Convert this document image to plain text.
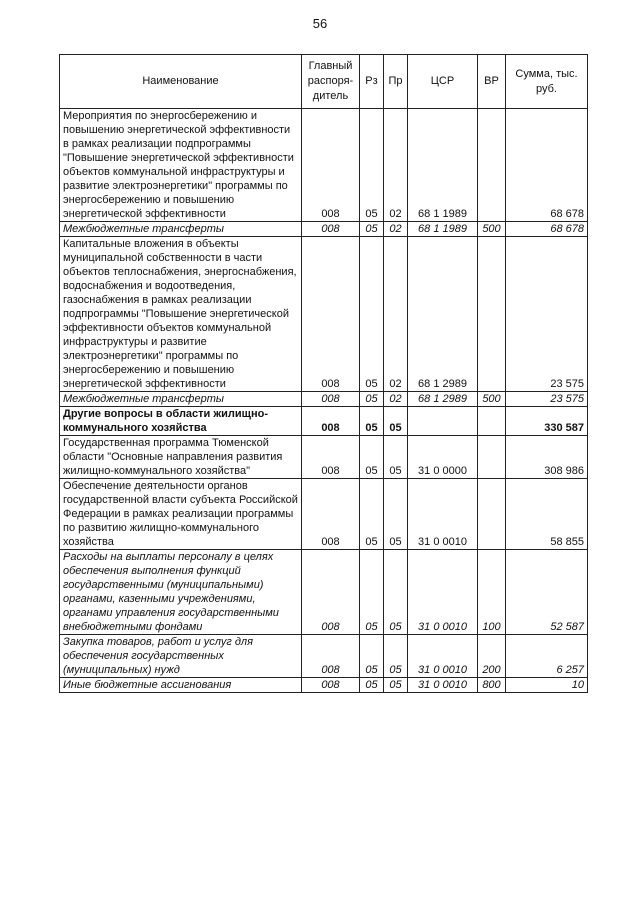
56
Наименование	Главный распоря-дитель	Рз	Пр	ЦСР	ВР	Сумма, тыс. руб.
Мероприятия по энергосбережению и повышению энергетической эффективности в рамках реализации подпрограммы "Повышение энергетической эффективности объектов коммунальной инфраструктуры и развитие электроэнергетики" программы по энергосбережению и повышению энергетической эффективности	008	05	02	68 1 1989		68 678
Межбюджетные трансферты	008	05	02	68 1 1989	500	68 678
Капитальные вложения в объекты муниципальной собственности в части объектов теплоснабжения, энергоснабжения, водоснабжения и водоотведения, газоснабжения в рамках реализации подпрограммы "Повышение энергетической эффективности объектов коммунальной инфраструктуры и развитие электроэнергетики" программы по энергосбережению и повышению энергетической эффективности	008	05	02	68 1 2989		23 575
Межбюджетные трансферты	008	05	02	68 1 2989	500	23 575
Другие вопросы в области жилищно-коммунального хозяйства	008	05	05			330 587
Государственная программа Тюменской области "Основные направления развития жилищно-коммунального хозяйства"	008	05	05	31 0 0000		308 986
Обеспечение деятельности органов государственной власти субъекта Российской Федерации в рамках реализации программы по развитию жилищно-коммунального хозяйства	008	05	05	31 0 0010		58 855
Расходы на выплаты персоналу в целях обеспечения выполнения функций государственными (муниципальными) органами, казенными учреждениями, органами управления государственными внебюджетными фондами	008	05	05	31 0 0010	100	52 587
Закупка товаров, работ и услуг для обеспечения государственных (муниципальных) нужд	008	05	05	31 0 0010	200	6 257
Иные бюджетные ассигнования	008	05	05	31 0 0010	800	10
